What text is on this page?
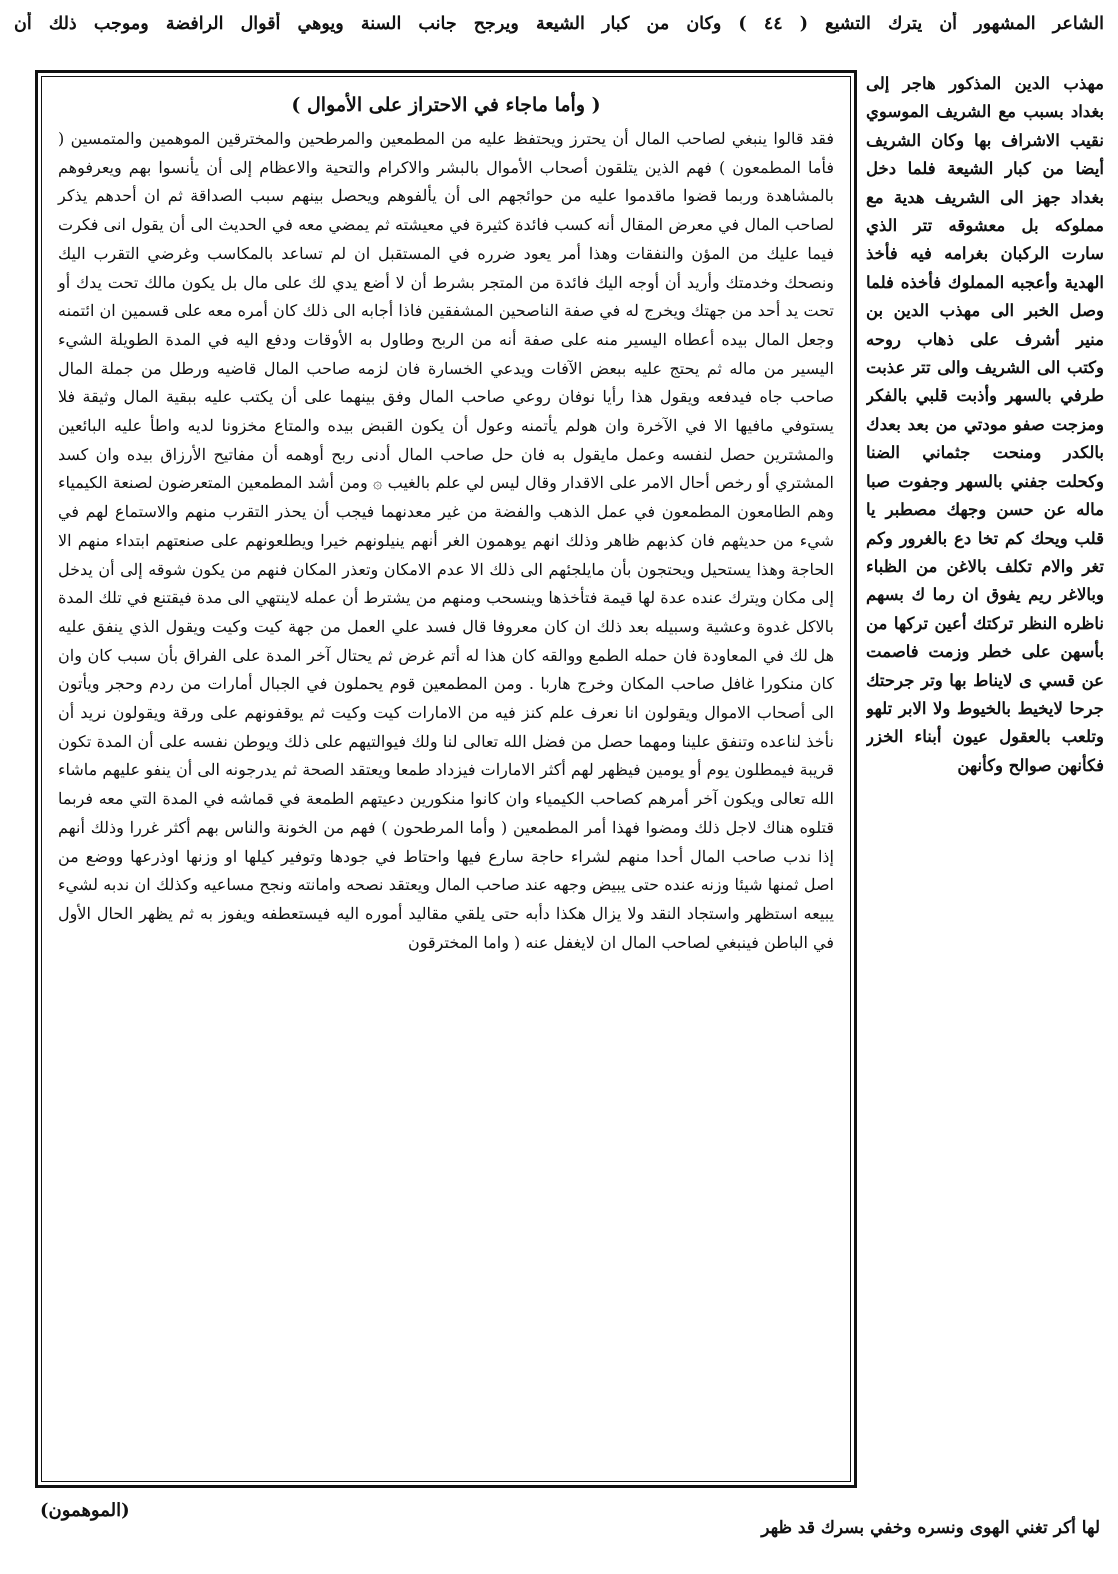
الشاعر المشهور أن يترك التشيع ( ٤٤ ) وكان من كبار الشيعة ويرجح جانب السنة ويوهي أقوال الرافضة وموجب ذلك أن
( وأما ماجاء في الاحتراز على الأموال )

فقد قالوا ينبغي لصاحب المال أن يحترز ويحتفظ عليه من المطمعين والمرطحين والمخترقين الموهمين والمتمسين ( فأما المطمعون ) فهم الذين يتلقون أصحاب الأموال بالبشر والاكرام والتحية والاعظام إلى أن يأنسوا بهم ويعرفوهم بالمشاهدة وربما قضوا ماقدموا عليه من حوائجهم الى أن يألفوهم ويحصل بينهم سبب الصداقة ثم ان أحدهم يذكر لصاحب المال في معرض المقال أنه كسب فائدة كثيرة في معيشته ثم يمضي معه في الحديث الى أن يقول انى فكرت فيما عليك من المؤن والنفقات وهذا أمر يعود ضرره في المستقبل ان لم تساعد بالمكاسب وغرضي التقرب اليك ونصحك وخدمتك وأريد أن أوجه اليك فائدة من المتجر بشرط أن لا أضع يدي لك على مال بل يكون مالك تحت يدك أو تحت يد أحد من جهتك ويخرج له في صفة الناصحين المشفقين فاذا أجابه الى ذلك كان أمره معه على قسمين ان ائتمنه وجعل المال بيده أعطاه اليسير منه على صفة أنه من الربح وطاول به الأوقات ودفع اليه في المدة الطويلة الشيء اليسير من ماله ثم يحتج عليه ببعض الآفات ويدعي الخسارة فان لزمه صاحب المال قاضيه ورطل من جملة المال صاحب جاه فيدفعه ويقول هذا رأيا نوفان روعي صاحب المال وفق بينهما على أن يكتب عليه ببقية المال وثيقة فلا يستوفي مافيها الا في الآخرة وان هولم يأتمنه وعول أن يكون القبض بيده والمتاع مخزونا لديه واطأ عليه البائعين والمشترين حصل لنفسه وعمل مايقول به فان حل صاحب المال أدنى ربح أوهمه أن مفاتيح الأرزاق بيده وان كسد المشتري أو رخص أحال الامر على الاقدار وقال ليس لي علم بالغيب ۞ ومن أشد المطمعين المتعرضون لصنعة الكيمياء وهم الطامعون المطمعون في عمل الذهب والفضة من غير معدنهما فيجب أن يحذر التقرب منهم والاستماع لهم في شيء من حديثهم فان كذبهم ظاهر وذلك انهم يوهمون الغر أنهم ينيلونهم خيرا ويطلعونهم على صنعتهم ابتداء منهم الا الحاجة وهذا يستحيل ويحتجون بأن مايلجئهم الى ذلك الا عدم الامكان وتعذر المكان فنهم من يكون شوقه إلى أن يدخل إلى مكان ويترك عنده عدة لها قيمة فتأخذها وينسحب ومنهم من يشترط أن عمله لاينتهي الى مدة فيقتنع في تلك المدة بالاكل غدوة وعشية وسبيله بعد ذلك ان كان معروفا قال فسد علي العمل من جهة كيت وكيت ويقول الذي ينفق عليه هل لك في المعاودة فان حمله الطمع ووالقه كان هذا له أتم غرض ثم يحتال آخر المدة على الفراق بأن سبب كان وان كان منكورا غافل صاحب المكان وخرج هاربا . ومن المطمعين قوم يحملون في الجبال أمارات من ردم وحجر ويأتون الى أصحاب الاموال ويقولون انا نعرف علم كنز فيه من الامارات كيت وكيت ثم يوقفونهم على ورقة ويقولون نريد أن نأخذ لناعده وتنفق علينا ومهما حصل من فضل الله تعالى لنا ولك فيوالتيهم على ذلك ويوطن نفسه على أن المدة تكون قريبة فيمطلون يوم أو يومين فيظهر لهم أكثر الامارات فيزداد طمعا ويعتقد الصحة ثم يدرجونه الى أن ينفو عليهم ماشاء الله تعالى ويكون آخر أمرهم كصاحب الكيمياء وان كانوا منكورين دعيتهم الطمعة في قماشه في المدة التي معه فربما قتلوه هناك لاجل ذلك ومضوا فهذا أمر المطمعين ( وأما المرطحون ) فهم من الخونة والناس بهم أكثر غررا وذلك أنهم إذا ندب صاحب المال أحدا منهم لشراء حاجة سارع فيها واحتاط في جودها وتوفير كيلها او وزنها اوذرعها ووضع من اصل ثمنها شيئا وزنه عنده حتى يبيض وجهه عند صاحب المال ويعتقد نصحه وامانته ونجح مساعيه وكذلك ان ندبه لشيء يبيعه استظهر واستجاد النقد ولا يزال هكذا دأبه حتى يلقي مقاليد أموره اليه فيستعطفه ويفوز به ثم يظهر الحال الأول في الباطن فينبغي لصاحب المال ان لايغفل عنه ( واما المخترقون

مهذب الدين المذكور هاجر إلى بغداد بسبب مع الشريف الموسوي نقيب الاشراف بها وكان الشريف أيضا من كبار الشيعة فلما دخل بغداد جهز الى الشريف هدية مع مملوكه بل معشوقه تتر الذي سارت الركبان بغرامه فيه فأخذ الهدية وأعجبه المملوك فأخذه فلما وصل الخبر الى مهذب الدين بن منير أشرف على ذهاب روحه وكتب الى الشريف والى تتر عذبت طرفي بالسهر وأذبت قلبي بالفكر ومزجت صفو مودتي من بعد بعدك بالكدر ومنحت جثماني الضنا وكحلت جفني بالسهر وجفوت صبا ماله عن حسن وجهك مصطبر يا قلب ويحك كم تخا دع بالغرور وكم تغر والام تكلف بالاغن من الظباء وبالاغر ريم يفوق ان رما ك بسهم ناظره النظر تركتك أعين تركها من بأسهن على خطر وزمت فاصمت عن قسي ى لايناط بها وتر جرحتك جرحا لايخيط بالخيوط ولا الابر تلهو وتلعب بالعقول عيون أبناء الخزر فكأنهن صوالح وكأنهن

(الموهمون)
لها أكر تغني الهوى ونسره وخفي بسرك قد ظهر
